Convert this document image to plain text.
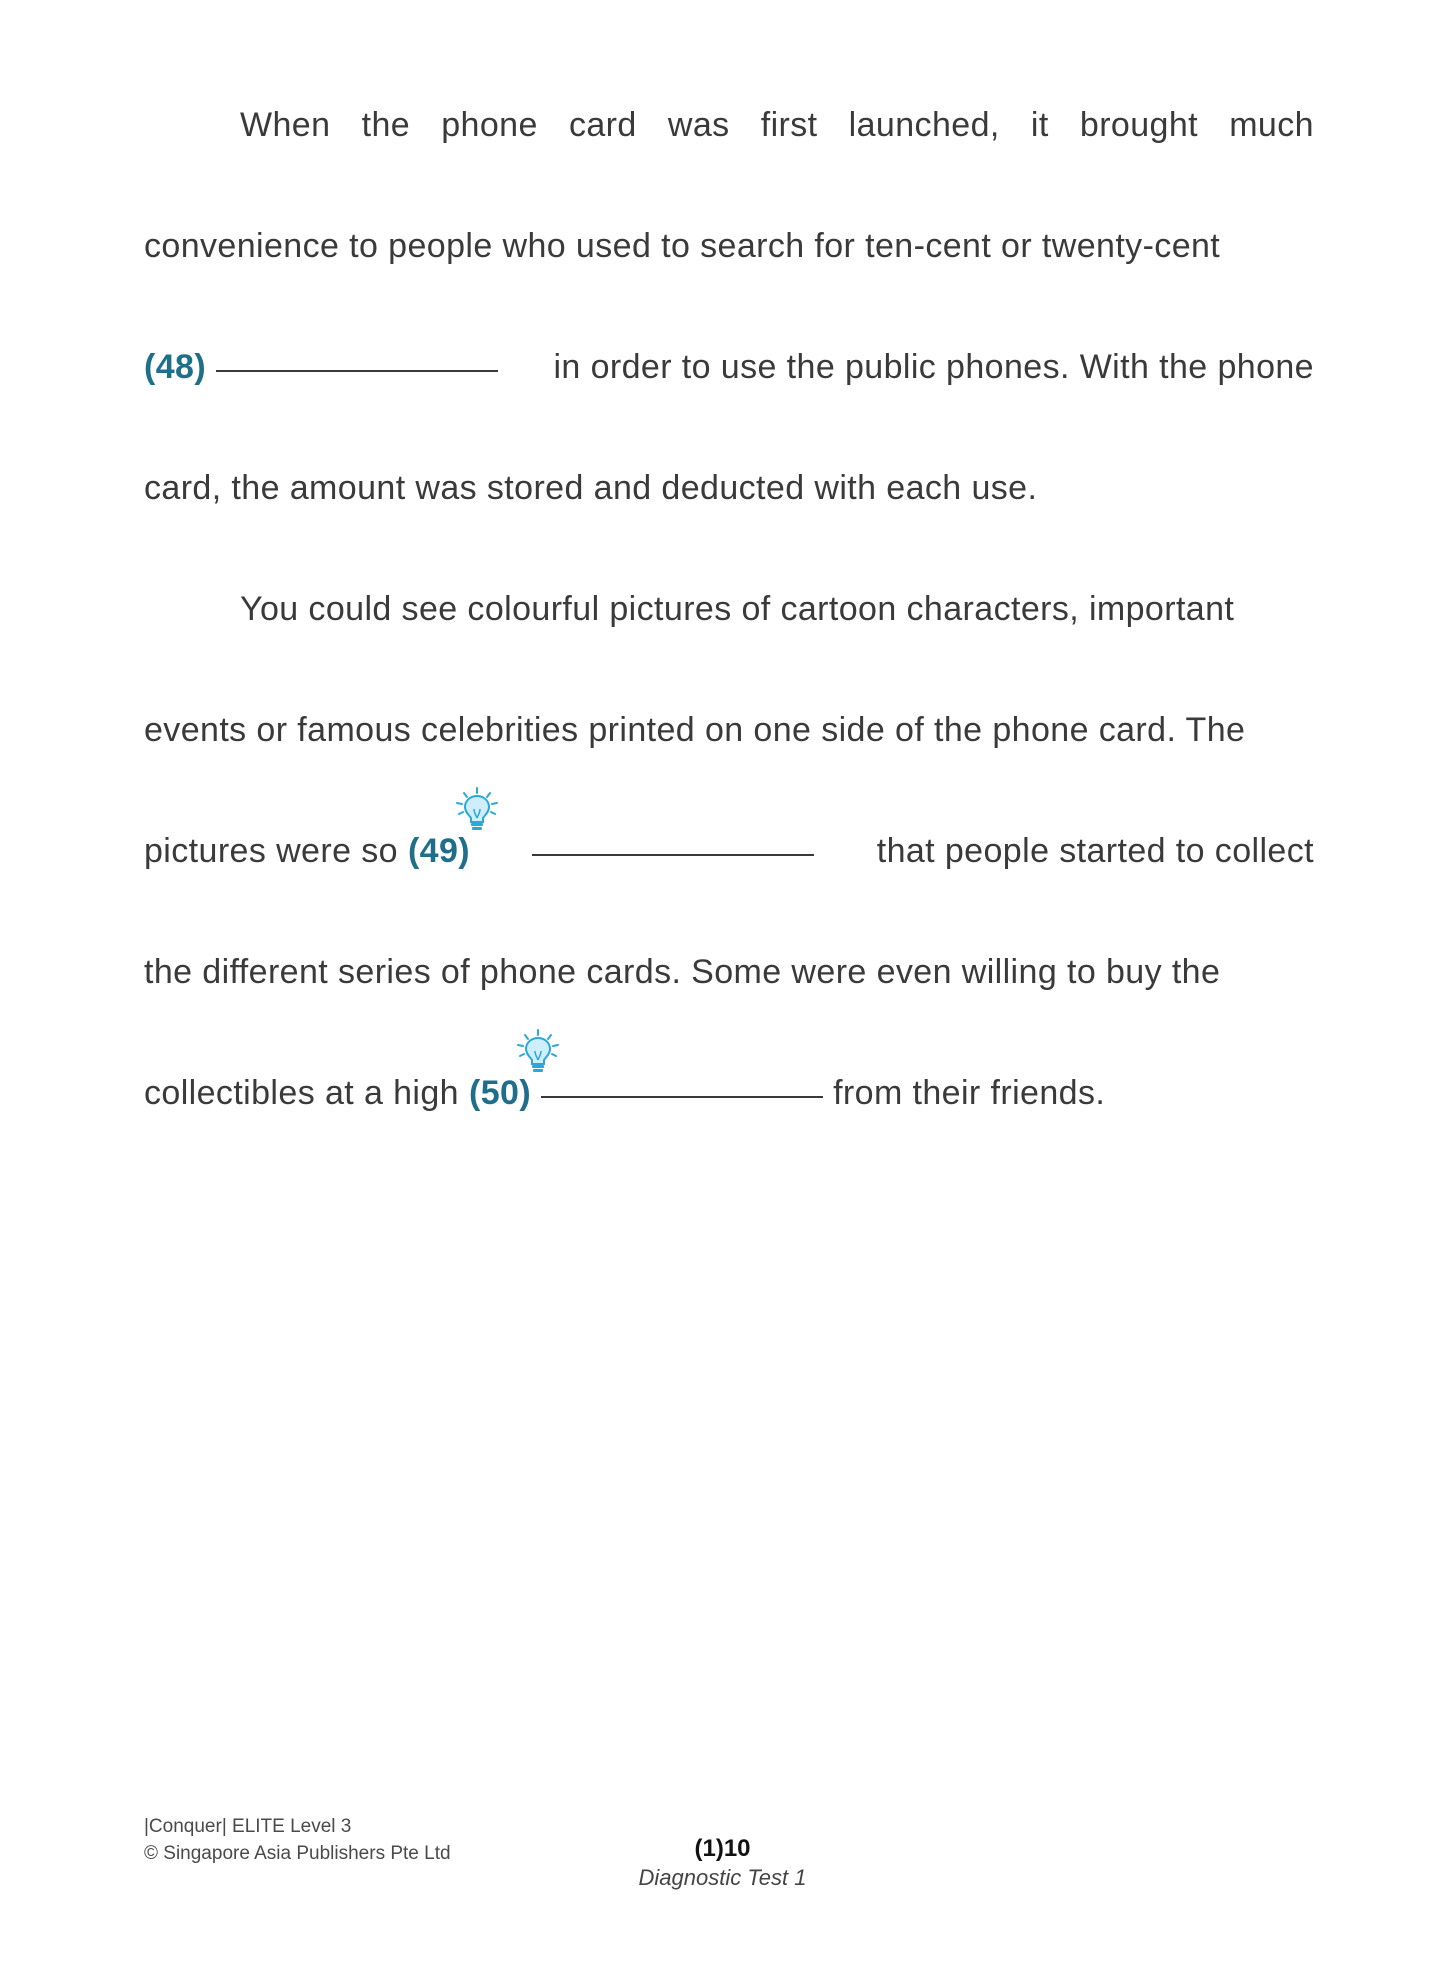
When the phone card was first launched, it brought much
convenience to people who used to search for ten-cent or twenty-cent
(48)	in order to use the public phones. With the phone
card, the amount was stored and deducted with each use.
You could see colourful pictures of cartoon characters, important
events or famous celebrities printed on one side of the phone card. The
pictures were so (49)	that people started to collect
the different series of phone cards. Some were even willing to buy the
collectibles at a high (50)	from their friends.
|Conquer| ELITE Level 3
© Singapore Asia Publishers Pte Ltd	(1)10
Diagnostic Test 1
